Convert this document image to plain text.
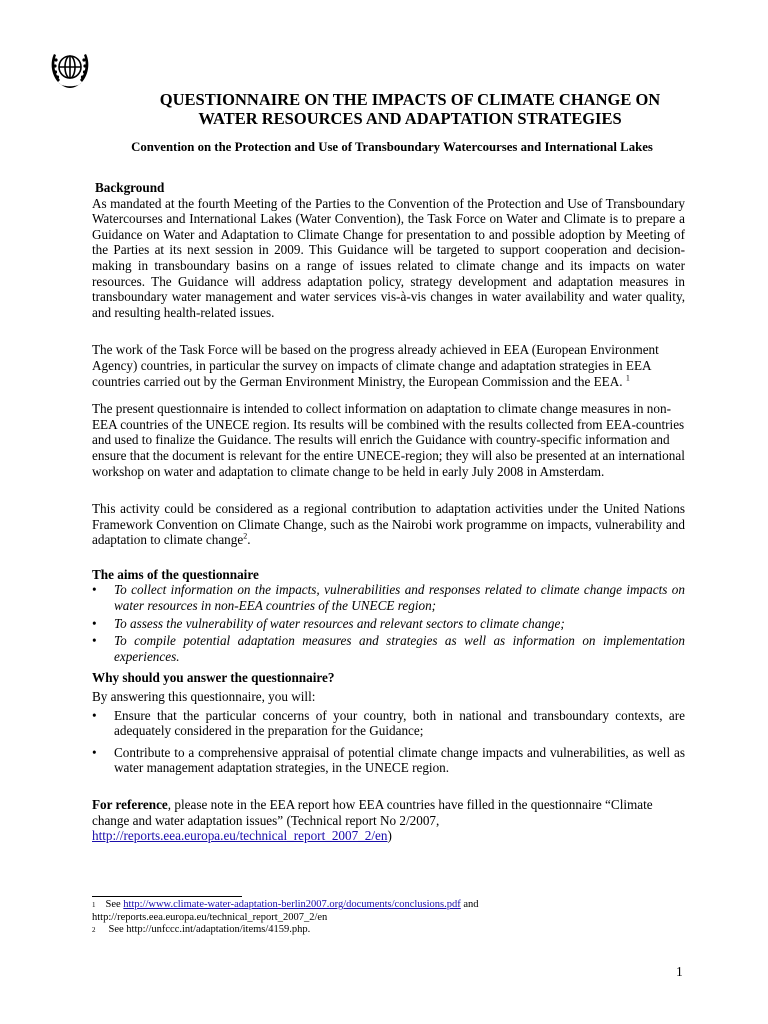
QUESTIONNAIRE ON THE IMPACTS OF CLIMATE CHANGE ON
WATER RESOURCES AND ADAPTATION STRATEGIES

Convention on the Protection and Use of Transboundary Watercourses and International Lakes

Background

As mandated at the fourth Meeting of the Parties to the Convention of the Protection and Use of Transboundary Watercourses and International Lakes (Water Convention), the Task Force on Water and Climate is to prepare a Guidance on Water and Adaptation to Climate Change for presentation to and possible adoption by Meeting of the Parties at its next session in 2009. This Guidance will be targeted to support cooperation and decision-making in transboundary basins on a range of issues related to climate change and its impacts on water resources. The Guidance will address adaptation policy, strategy development and adaptation measures in transboundary water management and water services vis-à-vis changes in water availability and water quality, and resulting health-related issues.

The work of the Task Force will be based on the progress already achieved in EEA (European Environment Agency) countries, in particular the survey on impacts of climate change and adaptation strategies in EEA countries carried out by the German Environment Ministry, the European Commission and the EEA. $^1$

The present questionnaire is intended to collect information on adaptation to climate change measures in non-EEA countries of the UNECE region. Its results will be combined with the results collected from EEA-countries and used to finalize the Guidance. The results will enrich the Guidance with country-specific information and ensure that the document is relevant for the entire UNECE-region; they will also be presented at an international workshop on water and adaptation to climate change to be held in early July 2008 in Amsterdam.

This activity could be considered as a regional contribution to adaptation activities under the United Nations Framework Convention on Climate Change, such as the Nairobi work programme on impacts, vulnerability and adaptation to climate change$^2$.

The aims of the questionnaire

• To collect information on the impacts, vulnerabilities and responses related to climate change impacts on water resources in non-EEA countries of the UNECE region;
• To assess the vulnerability of water resources and relevant sectors to climate change;
• To compile potential adaptation measures and strategies as well as information on implementation experiences.

Why should you answer the questionnaire?

By answering this questionnaire, you will:

• Ensure that the particular concerns of your country, both in national and transboundary contexts, are adequately considered in the preparation for the Guidance;
• Contribute to a comprehensive appraisal of potential climate change impacts and vulnerabilities, as well as water management adaptation strategies, in the UNECE region.

For reference, please note in the EEA report how EEA countries have filled in the questionnaire “Climate change and water adaptation issues” (Technical report No 2/2007,
http://reports.eea.europa.eu/technical_report_2007_2/en)

$^1$ See http://www.climate-water-adaptation-berlin2007.org/documents/conclusions.pdf and
http://reports.eea.europa.eu/technical_report_2007_2/en
$^2$ See http://unfccc.int/adaptation/items/4159.php.
1
